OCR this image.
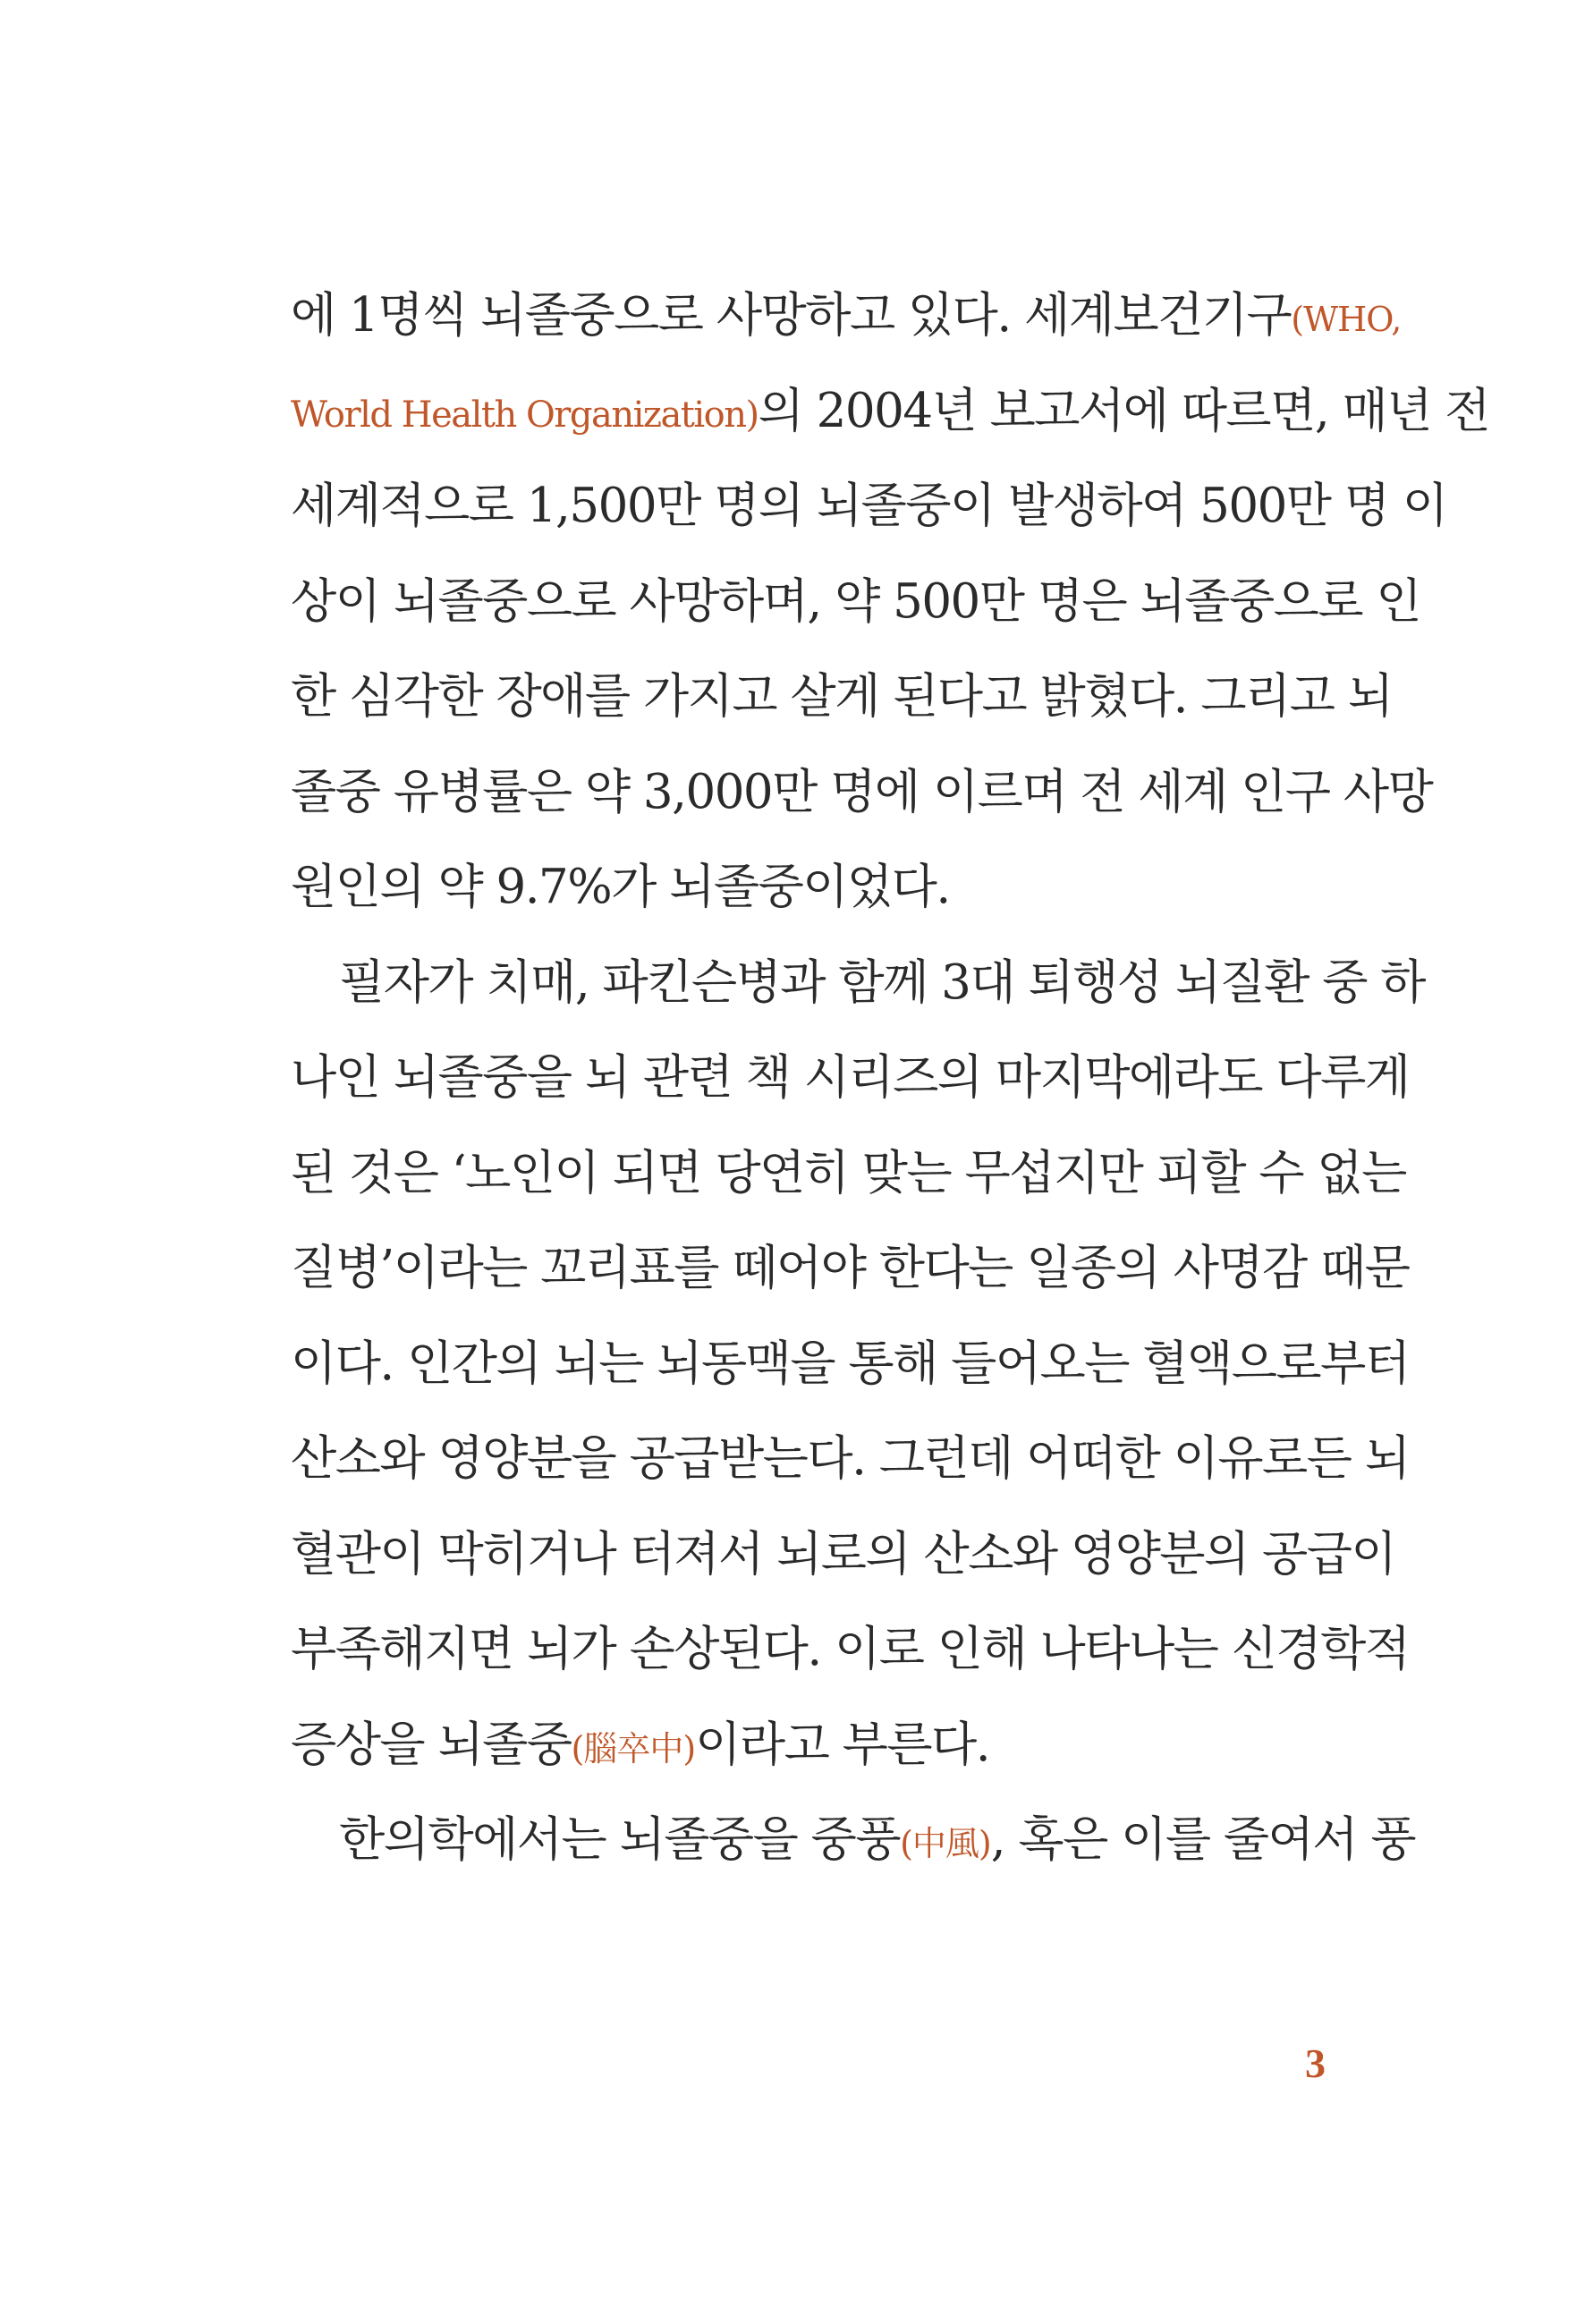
에 1명씩 뇌졸중으로 사망하고 있다. 세계보건기구(WHO,
World Health Organization)의 2004년 보고서에 따르면, 매년 전
세계적으로 1,500만 명의 뇌졸중이 발생하여 500만 명 이
상이 뇌졸중으로 사망하며, 약 500만 명은 뇌졸중으로 인
한 심각한 장애를 가지고 살게 된다고 밝혔다. 그리고 뇌
졸중 유병률은 약 3,000만 명에 이르며 전 세계 인구 사망
원인의 약 9.7%가 뇌졸중이었다.
필자가 치매, 파킨슨병과 함께 3대 퇴행성 뇌질환 중 하
나인 뇌졸중을 뇌 관련 책 시리즈의 마지막에라도 다루게
된 것은 ‘노인이 되면 당연히 맞는 무섭지만 피할 수 없는
질병’이라는 꼬리표를 떼어야 한다는 일종의 사명감 때문
이다. 인간의 뇌는 뇌동맥을 통해 들어오는 혈액으로부터
산소와 영양분을 공급받는다. 그런데 어떠한 이유로든 뇌
혈관이 막히거나 터져서 뇌로의 산소와 영양분의 공급이
부족해지면 뇌가 손상된다. 이로 인해 나타나는 신경학적
증상을 뇌졸중(腦卒中)이라고 부른다.
한의학에서는 뇌졸중을 중풍(中風), 혹은 이를 줄여서 풍
3
